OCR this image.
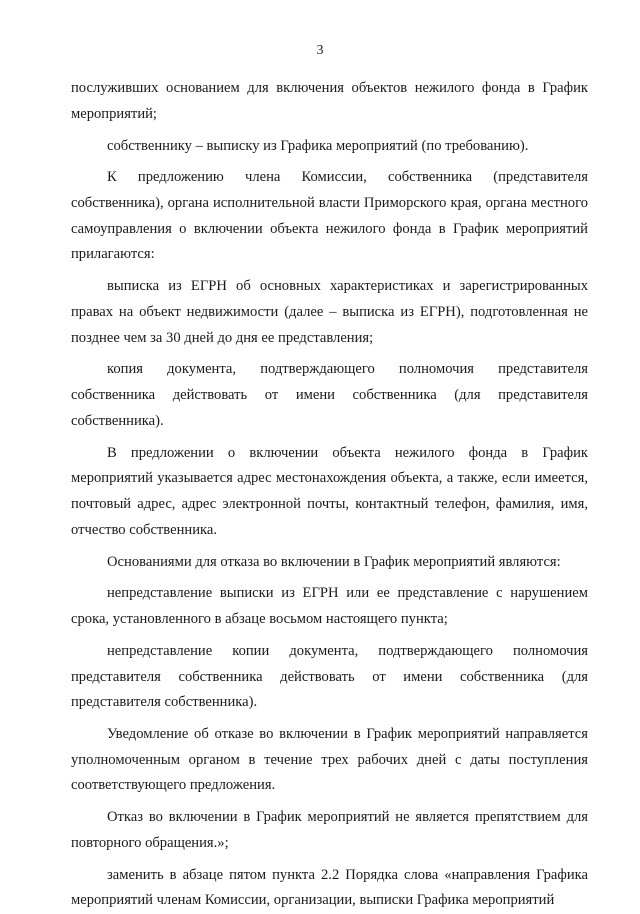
3

послуживших основанием для включения объектов нежилого фонда в График мероприятий;

собственнику – выписку из Графика мероприятий (по требованию).

К предложению члена Комиссии, собственника (представителя собственника), органа исполнительной власти Приморского края, органа местного самоуправления о включении объекта нежилого фонда в График мероприятий прилагаются:

выписка из ЕГРН об основных характеристиках и зарегистрированных правах на объект недвижимости (далее – выписка из ЕГРН), подготовленная не позднее чем за 30 дней до дня ее представления;

копия документа, подтверждающего полномочия представителя собственника действовать от имени собственника (для представителя собственника).

В предложении о включении объекта нежилого фонда в График мероприятий указывается адрес местонахождения объекта, а также, если имеется, почтовый адрес, адрес электронной почты, контактный телефон, фамилия, имя, отчество собственника.

Основаниями для отказа во включении в График мероприятий являются:

непредставление выписки из ЕГРН или ее представление с нарушением срока, установленного в абзаце восьмом настоящего пункта;

непредставление копии документа, подтверждающего полномочия представителя собственника действовать от имени собственника (для представителя собственника).

Уведомление об отказе во включении в График мероприятий направляется уполномоченным органом в течение трех рабочих дней с даты поступления соответствующего предложения.

Отказ во включении в График мероприятий не является препятствием для повторного обращения.»;

заменить в абзаце пятом пункта 2.2 Порядка слова «направления Графика мероприятий членам Комиссии, организации, выписки Графика мероприятий
